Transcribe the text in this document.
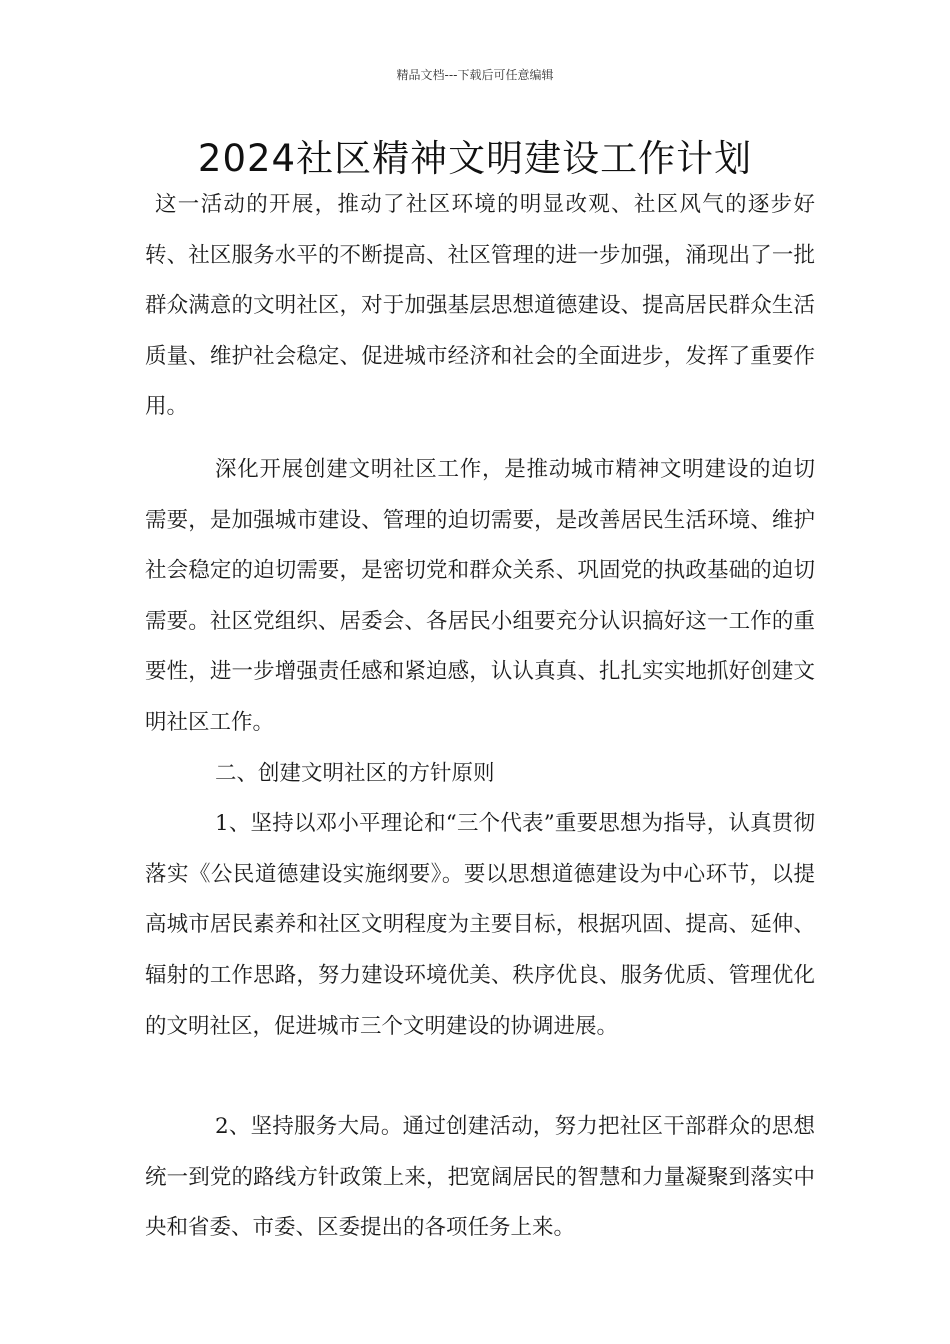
精品文档---下载后可任意编辑
2024社区精神文明建设工作计划

这一活动的开展，推动了社区环境的明显改观、社区风气的逐步好转、社区服务水平的不断提高、社区管理的进一步加强，涌现出了一批群众满意的文明社区，对于加强基层思想道德建设、提高居民群众生活质量、维护社会稳定、促进城市经济和社会的全面进步，发挥了重要作用。

深化开展创建文明社区工作，是推动城市精神文明建设的迫切需要，是加强城市建设、管理的迫切需要，是改善居民生活环境、维护社会稳定的迫切需要，是密切党和群众关系、巩固党的执政基础的迫切需要。社区党组织、居委会、各居民小组要充分认识搞好这一工作的重要性，进一步增强责任感和紧迫感，认认真真、扎扎实实地抓好创建文明社区工作。

二、创建文明社区的方针原则

1、坚持以邓小平理论和“三个代表”重要思想为指导，认真贯彻落实《公民道德建设实施纲要》。要以思想道德建设为中心环节，以提高城市居民素养和社区文明程度为主要目标，根据巩固、提高、延伸、辐射的工作思路，努力建设环境优美、秩序优良、服务优质、管理优化的文明社区，促进城市三个文明建设的协调进展。

2、坚持服务大局。通过创建活动，努力把社区干部群众的思想统一到党的路线方针政策上来，把宽阔居民的智慧和力量凝聚到落实中央和省委、市委、区委提出的各项任务上来。
